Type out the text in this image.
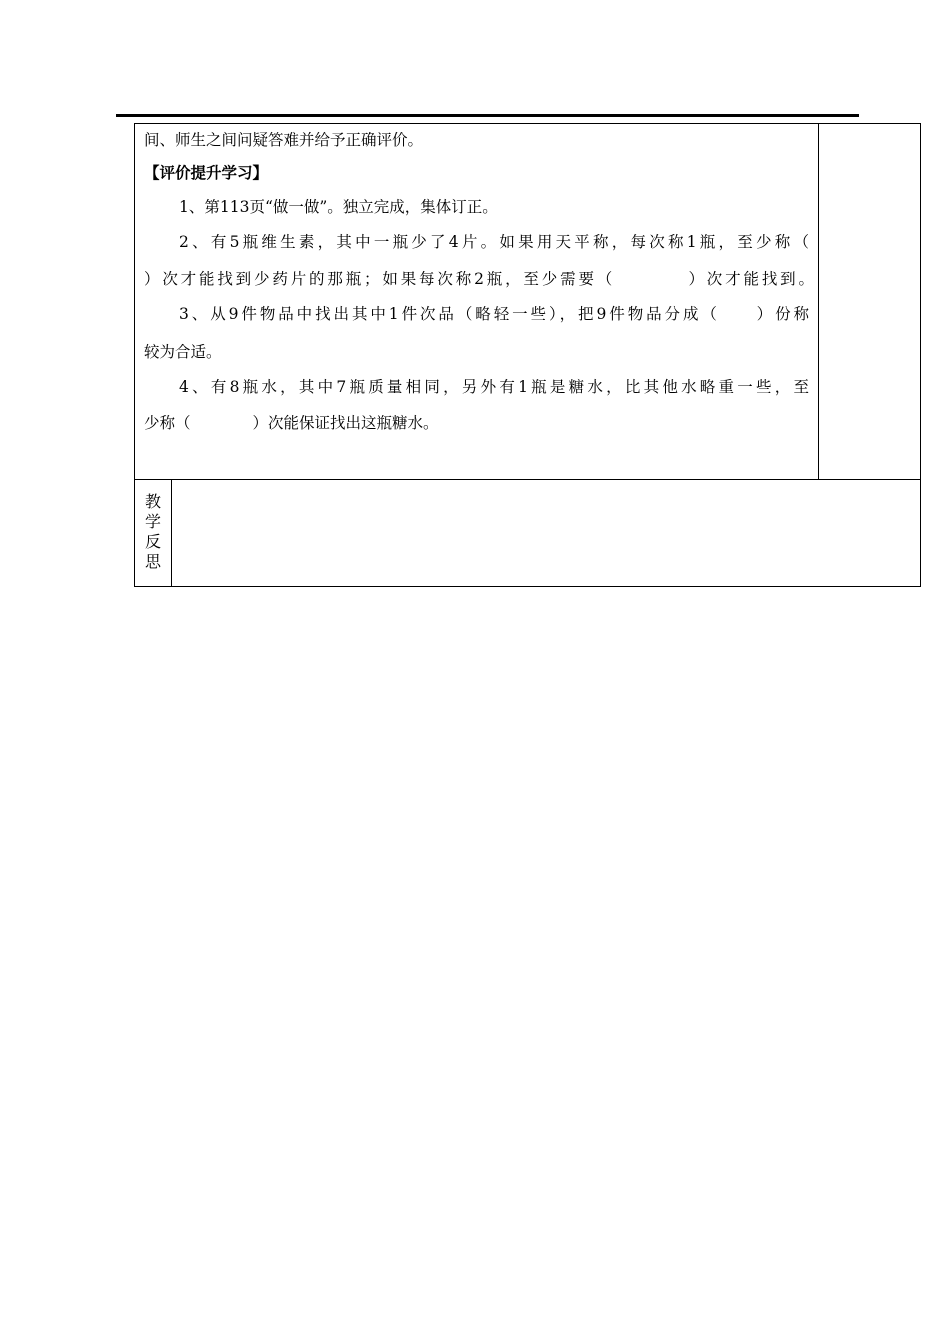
间、师生之间问疑答难并给予正确评价。
【评价提升学习】
1、第113页“做一做”。独立完成，集体订正。
2、有5瓶维生素，其中一瓶少了4片。如果用天平称，每次称1瓶，至少称（
）次才能找到少药片的那瓶；如果每次称2瓶，至少需要（　　　　）次才能找到。
3、从9件物品中找出其中1件次品（略轻一些），把9件物品分成（　　）份称
较为合适。
4、有8瓶水，其中7瓶质量相同，另外有1瓶是糖水，比其他水略重一些，至
少称（　　　　）次能保证找出这瓶糖水。
教
学
反
思
